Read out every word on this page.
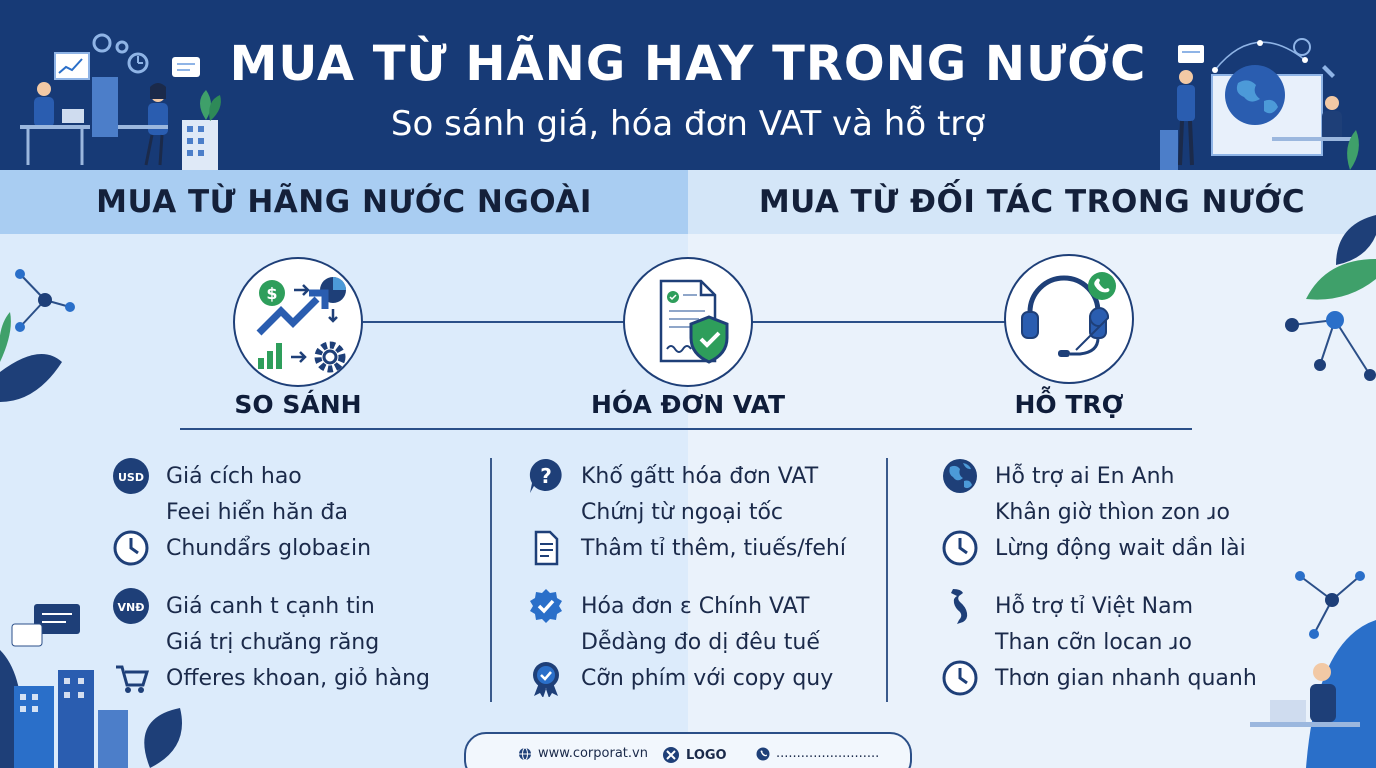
MUA TỪ HÃNG HAY TRONG NƯỚC
So sánh giá, hóa đơn VAT và hỗ trợ
MUA TỪ HÃNG NƯỚC NGOÀI	MUA TỪ ĐỐI TÁC TRONG NƯỚC
$
SO SÁNH	HÓA ĐƠN VAT	HỖ TRỢ
USD Giá cích hao
Feei hiển hăn đa
Chundẩrs globaɛin
VNĐ Giá canh t cạnh tin
Giá trị chưăng răng
Offeres khoan, giỏ hàng
? Khố gấtt hóa đơn VAT
Chứnj từ ngoại tốc
Thâm tỉ thêm, tiuếs/fehí
Hóa đơn ɛ Chính VAT
Dễdàng đo dị đêu tuế
Cỡn phím với copy quy
Hỗ trợ ai En Anh
Khân giờ thìon zon ɹo
Lừng động wait dần lài
Hỗ trợ tỉ Việt Nam
Than cỡn locan ɹo
Thơn gian nhanh quanh
www.corporat.vn	LOGO	.........................
